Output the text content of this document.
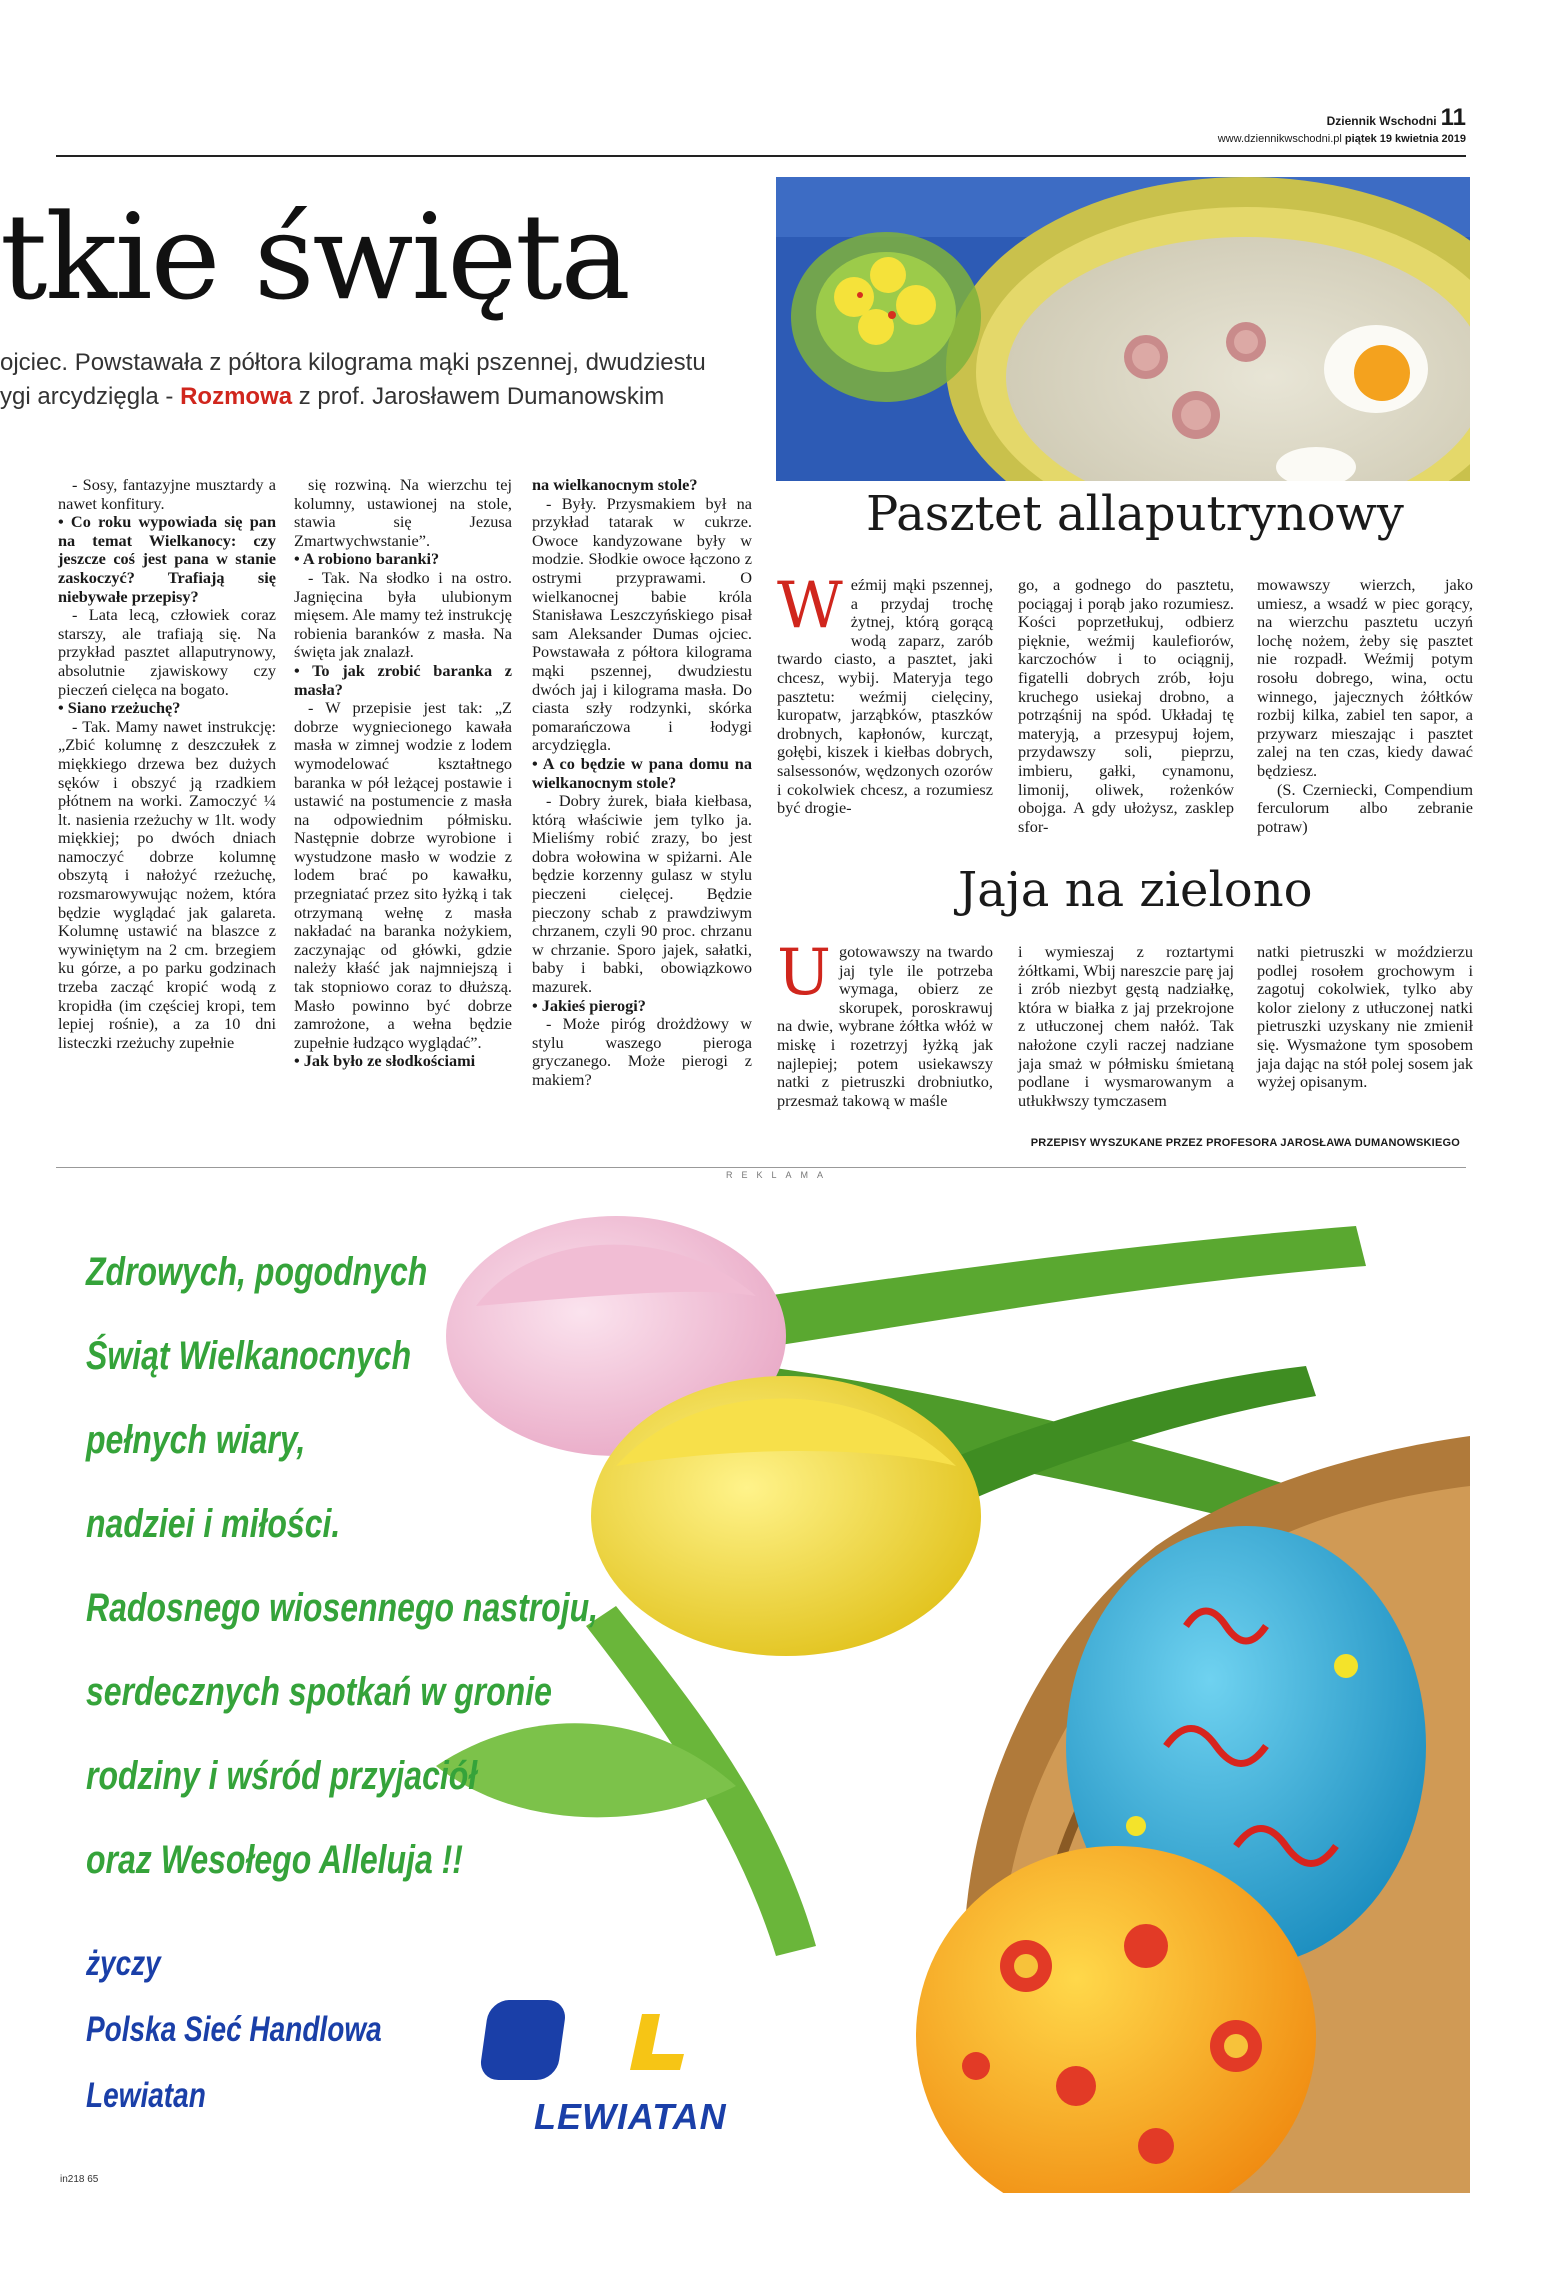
Dziennik Wschodni 11
www.dziennikwschodni.pl piątek 19 kwietnia 2019
tkie święta
ojciec. Powstawała z półtora kilograma mąki pszennej, dwudziestu
ygi arcydzięgla - Rozmowa z prof. Jarosławem Dumanowskim

- Sosy, fantazyjne musztardy a nawet konfitury.

• Co roku wypowiada się pan na temat Wielkanocy: czy jeszcze coś jest pana w stanie zaskoczyć? Trafiają się niebywałe przepisy?

- Lata lecą, człowiek coraz starszy, ale trafiają się. Na przykład pasztet allaputrynowy, absolutnie zjawiskowy czy pieczeń cielęca na bogato.

• Siano rzeżuchę?

- Tak. Mamy nawet instrukcję: „Zbić kolumnę z deszczułek z miękkiego drzewa bez dużych sęków i obszyć ją rzadkiem płótnem na worki. Zamoczyć ¼ lt. nasienia rzeżuchy w 1lt. wody miękkiej; po dwóch dniach namoczyć dobrze kolumnę obszytą i nałożyć rzeżuchę, rozsmarowywując nożem, która będzie wyglądać jak galareta. Kolumnę ustawić na blaszce z wywiniętym na 2 cm. brzegiem ku górze, a po parku godzinach trzeba zacząć kropić wodą z kropidła (im częściej kropi, tem lepiej rośnie), a za 10 dni listeczki rzeżuchy zupełnie

się rozwiną. Na wierzchu tej kolumny, ustawionej na stole, stawia się Jezusa Zmartwychwstanie”.

• A robiono baranki?

- Tak. Na słodko i na ostro. Jagnięcina była ulubionym mięsem. Ale mamy też instrukcję robienia baranków z masła. Na święta jak znalazł.

• To jak zrobić baranka z masła?

- W przepisie jest tak: „Z dobrze wygniecionego kawała masła w zimnej wodzie z lodem wymodelować kształtnego baranka w pół leżącej postawie i ustawić na postumencie z masła na odpowiednim półmisku. Następnie dobrze wyrobione i wystudzone masło w wodzie z lodem brać po kawałku, przegniatać przez sito łyżką i tak otrzymaną wełnę z masła nakładać na baranka nożykiem, zaczynając od główki, gdzie należy kłaść jak najmniejszą i tak stopniowo coraz to dłuższą. Masło powinno być dobrze zamrożone, a wełna będzie zupełnie łudząco wyglądać”.

• Jak było ze słodkościami

na wielkanocnym stole?

- Były. Przysmakiem był na przykład tatarak w cukrze. Owoce kandyzowane były w modzie. Słodkie owoce łączono z ostrymi przyprawami. O wielkanocnej babie króla Stanisława Leszczyńskiego pisał sam Aleksander Dumas ojciec. Powstawała z półtora kilograma mąki pszennej, dwudziestu dwóch jaj i kilograma masła. Do ciasta szły rodzynki, skórka pomarańczowa i łodygi arcydzięgla.

• A co będzie w pana domu na wielkanocnym stole?

- Dobry żurek, biała kiełbasa, którą właściwie jem tylko ja. Mieliśmy robić zrazy, bo jest dobra wołowina w spiżarni. Ale będzie korzenny gulasz w stylu pieczeni cielęcej. Będzie pieczony schab z prawdziwym chrzanem, czyli 90 proc. chrzanu w chrzanie. Sporo jajek, sałatki, baby i babki, obowiązkowo mazurek.

• Jakieś pierogi?

- Może piróg drożdżowy w stylu waszego pieroga gryczanego. Może pierogi z makiem?

Pasztet allaputrynowy
Weźmij mąki pszennej, a przydaj trochę żytnej, którą gorącą wodą zaparz, zarób twardo ciasto, a pasztet, jaki chcesz, wybij. Materyja tego pasztetu: weźmij cielęciny, kuropatw, jarząbków, ptaszków drobnych, kapłonów, kurcząt, gołębi, kiszek i kiełbas dobrych, salsessonów, wędzonych ozorów i cokolwiek chcesz, a rozumiesz być drogie-
go, a godnego do pasztetu, pociągaj i porąb jako rozumiesz. Kości poprzetłukuj, odbierz pięknie, weźmij kaulefiorów, karczochów i to ociągnij, figatelli dobrych zrób, łoju kruchego usiekaj drobno, a potrząśnij na spód. Układaj tę materyją, a przesypuj łojem, przydawszy soli, pieprzu, imbieru, gałki, cynamonu, limonij, oliwek, rożenków obojga. A gdy ułożysz, zasklep sfor-

mowawszy wierzch, jako umiesz, a wsadź w piec gorący, na wierzchu pasztetu uczyń lochę nożem, żeby się pasztet nie rozpadł. Weźmij potym rosołu dobrego, wina, octu winnego, jajecznych żółtków rozbij kilka, zabiel ten sapor, a przywarz mieszając i pasztet zalej na ten czas, kiedy dawać będziesz.

(S. Czerniecki, Compendium ferculorum albo zebranie potraw)

Jaja na zielono
Ugotowawszy na twardo jaj tyle ile potrzeba wymaga, obierz ze skorupek, poroskrawuj na dwie, wybrane żółtka włóż w miskę i rozetrzyj łyżką jak najlepiej; potem usiekawszy natki z pietruszki drobniutko, przesmaż takową w maśle
i wymieszaj z roztartymi żółtkami, Wbij nareszcie parę jaj i zrób niezbyt gęstą nadziałkę, która w białka z jaj przekrojone z utłuczonej chem nałóż. Tak nałożone czyli raczej nadziane jaja smaż w półmisku śmietaną podlane i wysmarowanym a utłukłwszy tymczasem
natki pietruszki w moździerzu podlej rosołem grochowym i zagotuj cokolwiek, tylko aby kolor zielony z utłuczonej natki pietruszki uzyskany nie zmienił się. Wysmażone tym sposobem jaja dając na stół polej sosem jak wyżej opisanym.
PRZEPISY WYSZUKANE PRZEZ PROFESORA JAROSŁAWA DUMANOWSKIEGO
REKLAMA
Zdrowych, pogodnych
Świąt Wielkanocnych
pełnych wiary,
nadziei i miłości.
Radosnego wiosennego nastroju,
serdecznych spotkań w gronie
rodziny i wśród przyjaciół
oraz Wesołego Alleluja !!
życzy
Polska Sieć Handlowa
Lewiatan
LEWIATAN
in218 65
